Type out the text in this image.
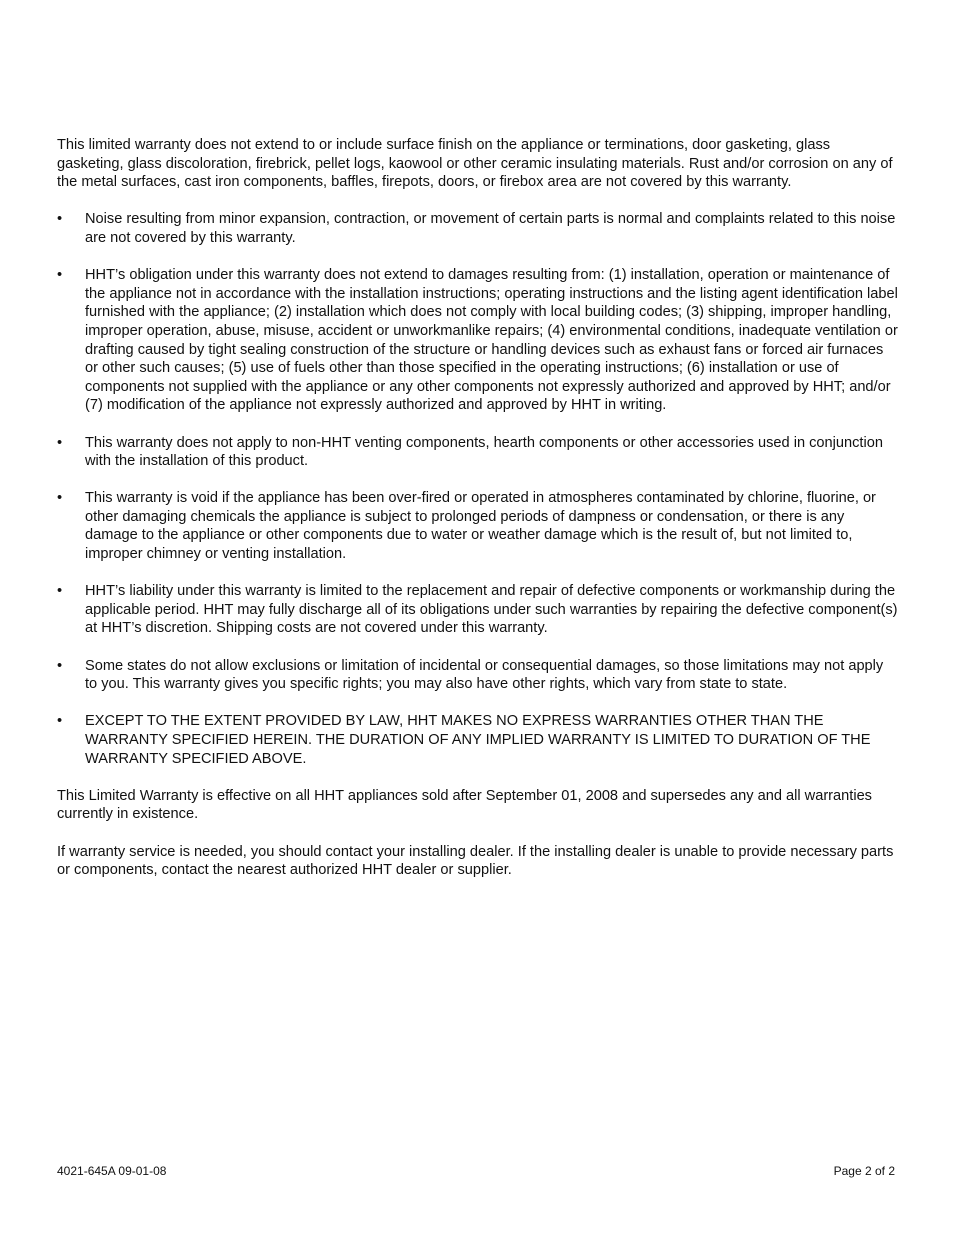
This limited warranty does not extend to or include surface finish on the appliance or terminations, door gasketing, glass gasketing, glass discoloration, firebrick, pellet logs, kaowool or other ceramic insulating materials. Rust and/or corrosion on any of the metal surfaces, cast iron components, baffles, firepots, doors, or firebox area are not covered by this warranty.

•	Noise resulting from minor expansion, contraction, or movement of certain parts is normal and complaints related to this noise are not covered by this warranty.
•	HHT’s obligation under this warranty does not extend to damages resulting from: (1) installation, operation or maintenance of the appliance not in accordance with the installation instructions; operating instructions and the listing agent identification label furnished with the appliance; (2) installation which does not comply with local building codes; (3) shipping, improper handling, improper operation, abuse, misuse, accident or unworkmanlike repairs; (4) environmental conditions, inadequate ventilation or drafting caused by tight sealing construction of the structure or handling devices such as exhaust fans or forced air furnaces or other such causes; (5) use of fuels other than those specified in the operating instructions; (6) installation or use of components not supplied with the appliance or any other components not expressly authorized and approved by HHT; and/or (7) modification of the appliance not expressly authorized and approved by HHT in writing.
•	This warranty does not apply to non-HHT venting components, hearth components or other accessories used in conjunction with the installation of this product.
•	This warranty is void if the appliance has been over-fired or operated in atmospheres contaminated by chlorine, fluorine, or other damaging chemicals the appliance is subject to prolonged periods of dampness or condensation, or there is any damage to the appliance or other components due to water or weather damage which is the result of, but not limited to, improper chimney or venting installation.
•	HHT’s liability under this warranty is limited to the replacement and repair of defective components or workmanship during the applicable period. HHT may fully discharge all of its obligations under such warranties by repairing the defective component(s) at HHT’s discretion. Shipping costs are not covered under this warranty.
•	Some states do not allow exclusions or limitation of incidental or consequential damages, so those limitations may not apply to you. This warranty gives you specific rights; you may also have other rights, which vary from state to state.
•	EXCEPT TO THE EXTENT PROVIDED BY LAW, HHT MAKES NO EXPRESS WARRANTIES OTHER THAN THE WARRANTY SPECIFIED HEREIN. THE DURATION OF ANY IMPLIED WARRANTY IS LIMITED TO DURATION OF THE WARRANTY SPECIFIED ABOVE.

This Limited Warranty is effective on all HHT appliances sold after September 01, 2008 and supersedes any and all warranties currently in existence.

If warranty service is needed, you should contact your installing dealer. If the installing dealer is unable to provide necessary parts or components, contact the nearest authorized HHT dealer or supplier.

4021-645A 09-01-08	Page 2 of 2
